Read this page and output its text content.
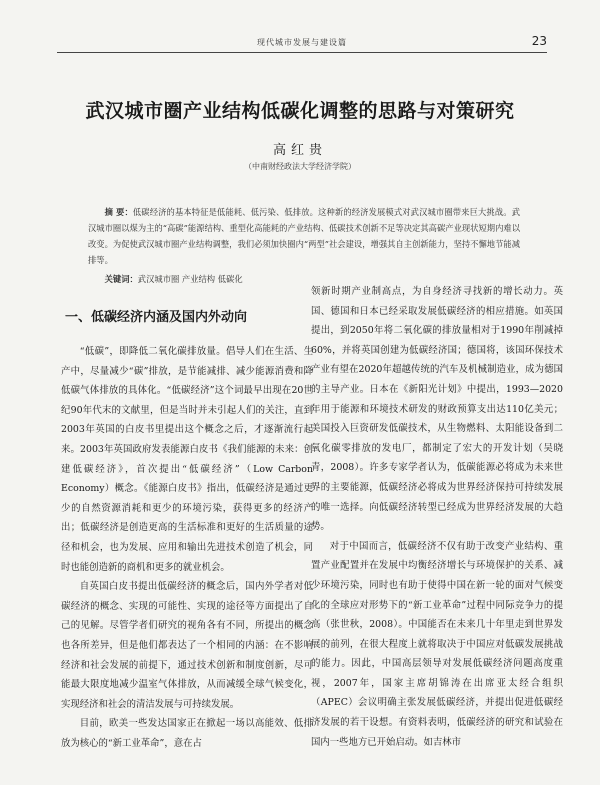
现代城市发展与建设篇	23
武汉城市圈产业结构低碳化调整的思路与对策研究
高红贵
（中南财经政法大学经济学院）
摘 要：低碳经济的基本特征是低能耗、低污染、低排放。这种新的经济发展模式对武汉城市圈带来巨大挑战。武汉城市圈以煤为主的“高碳”能源结构、重型化高能耗的产业结构、低碳技术创新不足等决定其高碳产业现状短期内难以改变。为促使武汉城市圈产业结构调整，我们必须加快圈内“两型”社会建设，增强其自主创新能力，坚持不懈地节能减排等。
关键词：武汉城市圈 产业结构 低碳化
一、低碳经济内涵及国内外动向

“低碳”，即降低二氧化碳排放量。倡导人们在生活、生产中，尽量减少“碳”排放，是节能减排、减少能源消费和降低碳气体排放的具体化。“低碳经济”这个词最早出现在20世纪90年代末的文献里，但是当时并未引起人们的关注，直到2003年英国的白皮书里提出这个概念之后，才逐渐流行起来。2003年英国政府发表能源白皮书《我们能源的未来：创建低碳经济》，首次提出“低碳经济”（Low Carbon Economy）概念。《能源白皮书》指出，低碳经济是通过更少的自然资源消耗和更少的环境污染，获得更多的经济产出；低碳经济是创造更高的生活标准和更好的生活质量的途径和机会，也为发展、应用和输出先进技术创造了机会，同时也能创造新的商机和更多的就业机会。

自英国白皮书提出低碳经济的概念后，国内外学者对低碳经济的概念、实现的可能性、实现的途径等方面提出了自己的见解。尽管学者们研究的视角各有不同，所提出的概念也各所差异，但是他们都表达了一个相同的内涵：在不影响经济和社会发展的前提下，通过技术创新和制度创新，尽可能最大限度地减少温室气体排放，从而减缓全球气候变化，实现经济和社会的清洁发展与可持续发展。

目前，欧美一些发达国家正在掀起一场以高能效、低排放为核心的“新工业革命”，意在占

领新时期产业制高点，为自身经济寻找新的增长动力。英国、德国和日本已经采取发展低碳经济的相应措施。如英国提出，到2050年将二氧化碳的排放量相对于1990年削减掉60%，并将英国创建为低碳经济国；德国将，该国环保技术产业有望在2020年超越传统的汽车及机械制造业，成为德国的主导产业。日本在《新阳光计划》中提出，1993—2020年用于能源和环境技术研发的财政预算支出达110亿美元；美国投入巨资研发低碳技术，从生物燃料、太阳能设备到二氧化碳零排放的发电厂，都制定了宏大的开发计划（吴晓青，2008）。许多专家学者认为，低碳能源必将成为未来世界的主要能源，低碳经济必将成为世界经济保持可持续发展的唯一选择。向低碳经济转型已经成为世界经济发展的大趋势。

对于中国而言，低碳经济不仅有助于改变产业结构、重置产业配置并在发展中均衡经济增长与环境保护的关系、减少环境污染，同时也有助于使得中国在新一轮的面对气候变化的全球应对形势下的“新工业革命”过程中同际竞争力的提高（张世秋，2008）。中国能否在未来几十年里走到世界发展的前列，在很大程度上就将取决于中国应对低碳发展挑战的能力。因此，中国高层领导对发展低碳经济问题高度重视，2007年，国家主席胡锦涛在出席亚太经合组织（APEC）会议明确主张发展低碳经济，并提出促进低碳经济发展的若干设想。有资料表明，低碳经济的研究和试验在国内一些地方已开始启动。如吉林市
